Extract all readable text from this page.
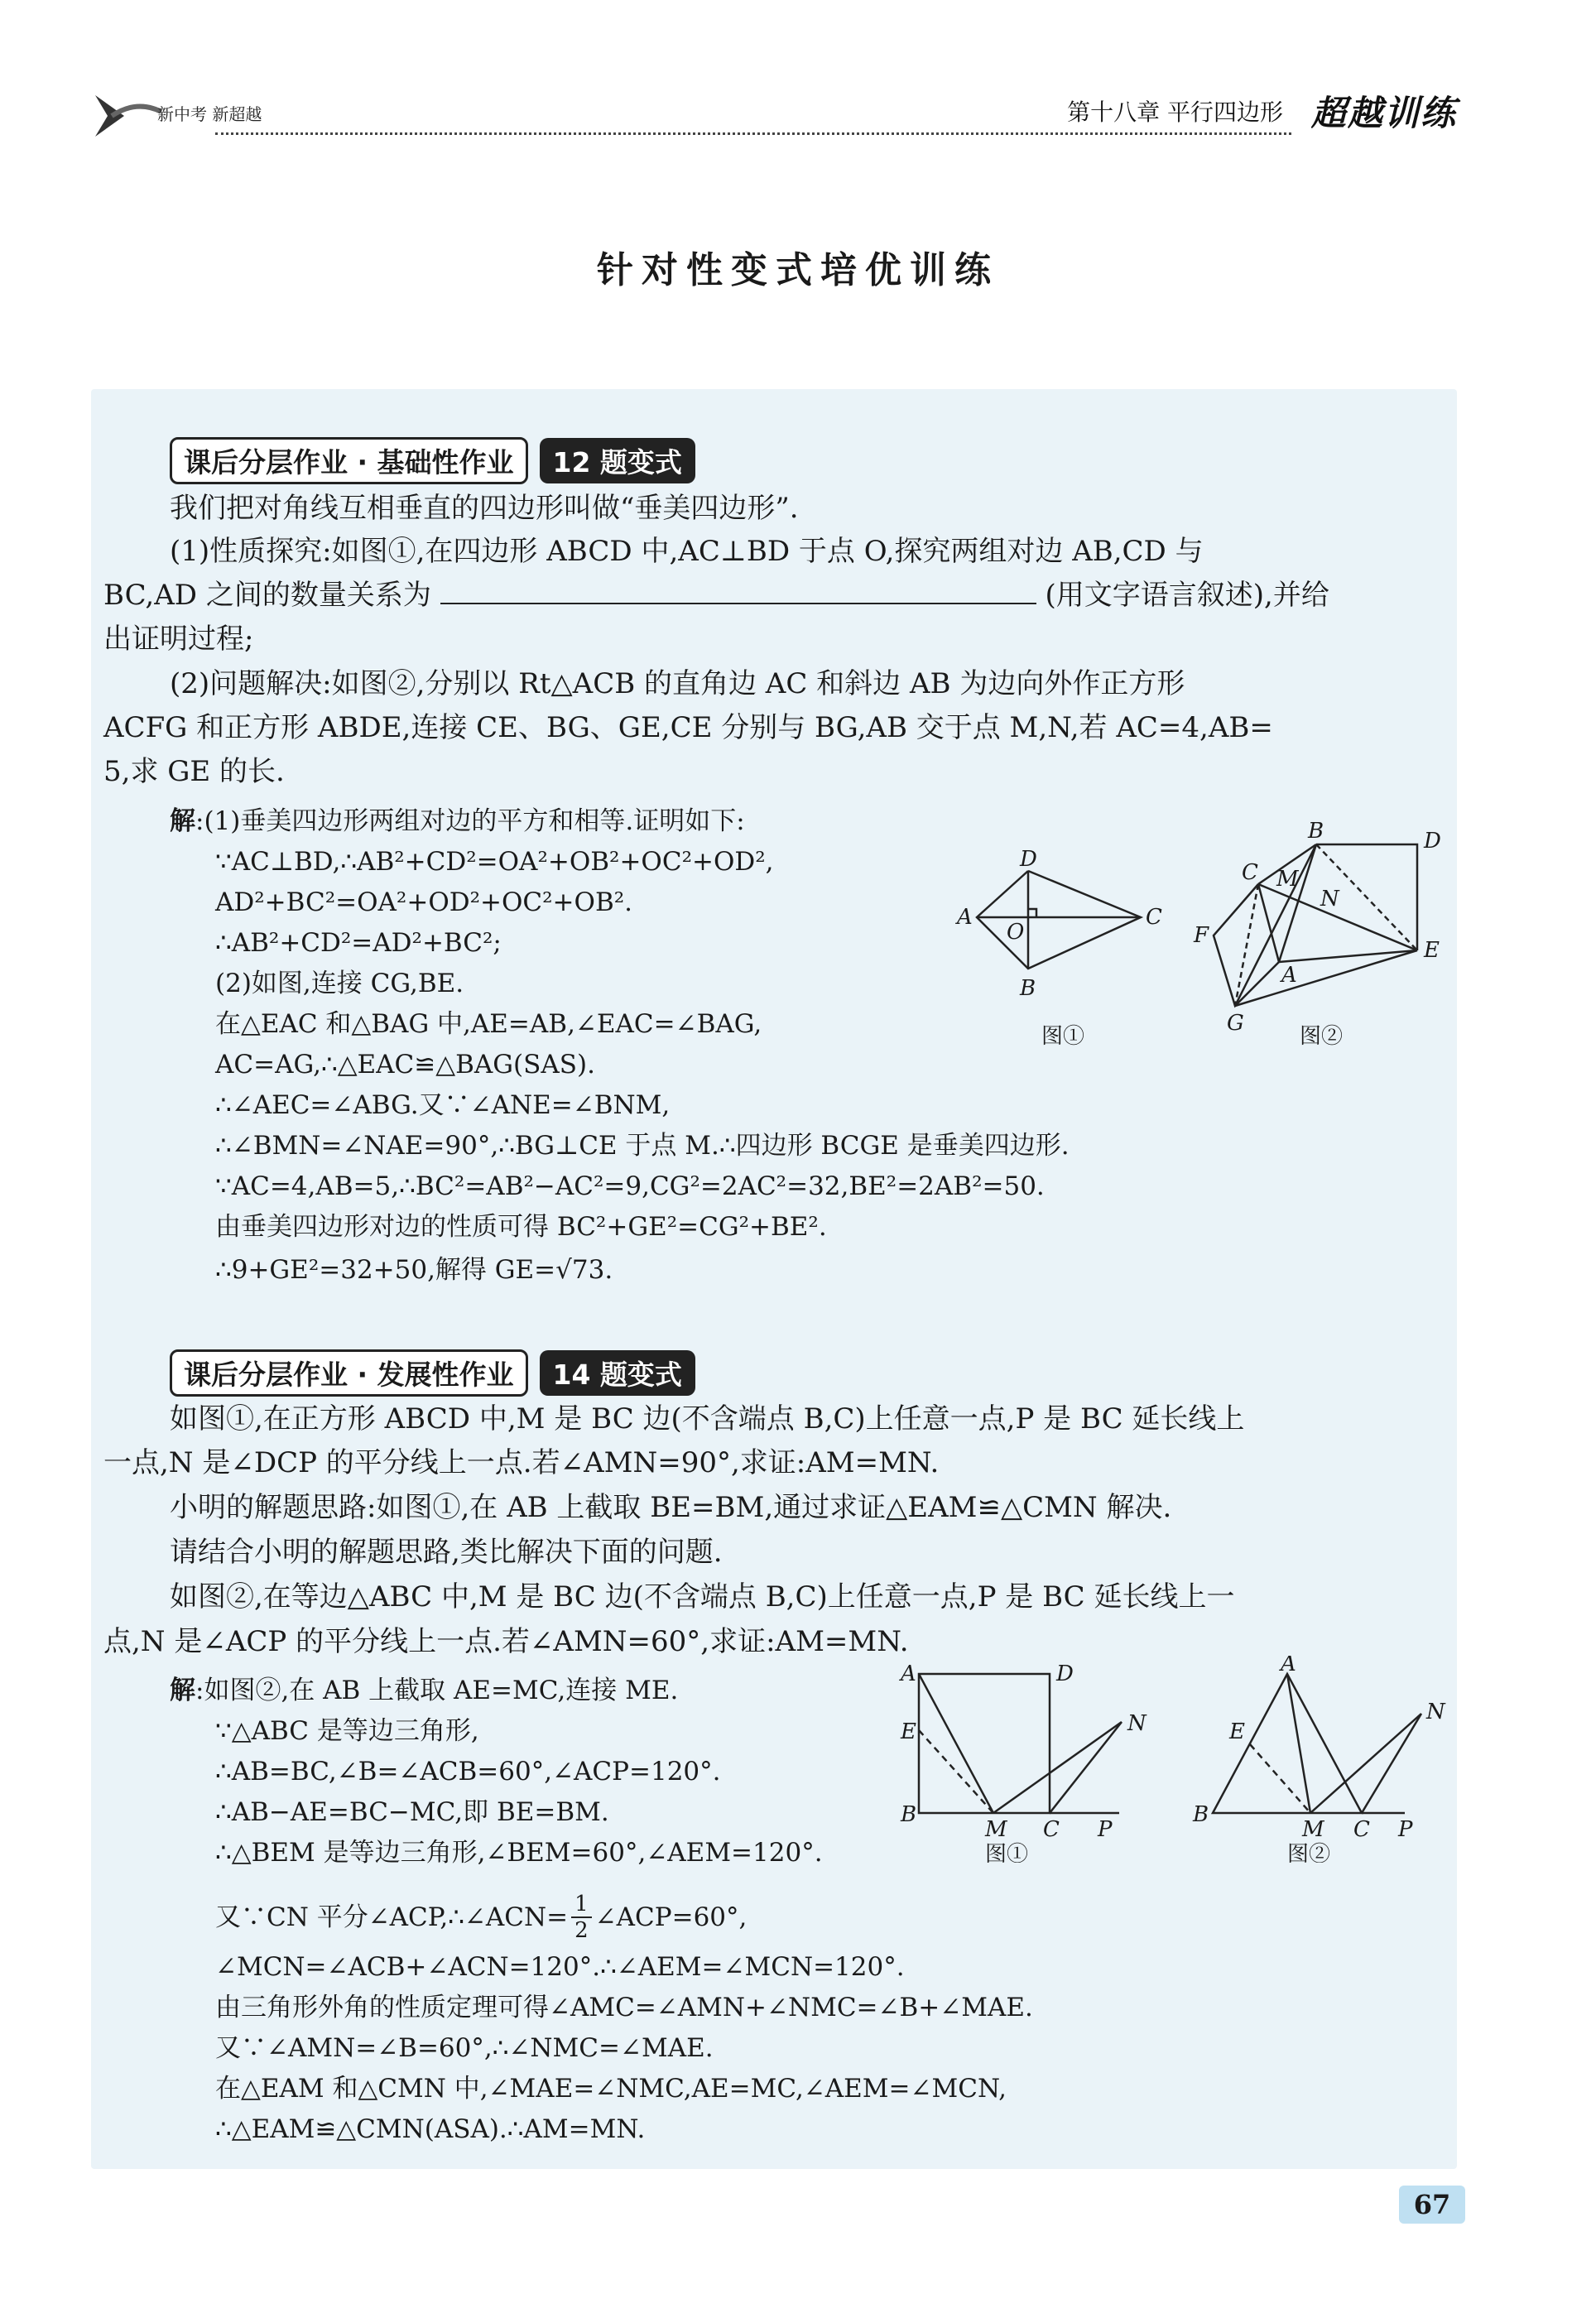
新中考 新超越	第十八章 平行四边形 超越训练
针对性变式培优训练
课后分层作业 · 基础性作业	12 题变式
我们把对角线互相垂直的四边形叫做“垂美四边形”.
(1)性质探究:如图①,在四边形 ABCD 中,AC⊥BD 于点 O,探究两组对边 AB,CD 与
BC,AD 之间的数量关系为	(用文字语言叙述),并给
出证明过程;
(2)问题解决:如图②,分别以 Rt△ACB 的直角边 AC 和斜边 AB 为边向外作正方形
ACFG 和正方形 ABDE,连接 CE、BG、GE,CE 分别与 BG,AB 交于点 M,N,若 AC=4,AB=
5,求 GE 的长.
解:(1)垂美四边形两组对边的平方和相等.证明如下:
∵AC⊥BD,∴AB²+CD²=OA²+OB²+OC²+OD²,
AD²+BC²=OA²+OD²+OC²+OB².
∴AB²+CD²=AD²+BC²;
(2)如图,连接 CG,BE.
在△EAC 和△BAG 中,AE=AB,∠EAC=∠BAG,
AC=AG,∴△EAC≌△BAG(SAS).
∴∠AEC=∠ABG.又∵∠ANE=∠BNM,
∴∠BMN=∠NAE=90°,∴BG⊥CE 于点 M.∴四边形 BCGE 是垂美四边形.
∵AC=4,AB=5,∴BC²=AB²−AC²=9,CG²=2AC²=32,BE²=2AB²=50.
由垂美四边形对边的性质可得 BC²+GE²=CG²+BE².
∴9+GE²=32+50,解得 GE=√73.
D
A
O
C
B
图①
B	D
C M
N
F
A
E
G
图②
课后分层作业 · 发展性作业	14 题变式
如图①,在正方形 ABCD 中,M 是 BC 边(不含端点 B,C)上任意一点,P 是 BC 延长线上
一点,N 是∠DCP 的平分线上一点.若∠AMN=90°,求证:AM=MN.
小明的解题思路:如图①,在 AB 上截取 BE=BM,通过求证△EAM≌△CMN 解决.
请结合小明的解题思路,类比解决下面的问题.
如图②,在等边△ABC 中,M 是 BC 边(不含端点 B,C)上任意一点,P 是 BC 延长线上一
点,N 是∠ACP 的平分线上一点.若∠AMN=60°,求证:AM=MN.
解:如图②,在 AB 上截取 AE=MC,连接 ME.
∵△ABC 是等边三角形,
∴AB=BC,∠B=∠ACB=60°,∠ACP=120°.
∴AB−AE=BC−MC,即 BE=BM.
∴△BEM 是等边三角形,∠BEM=60°,∠AEM=120°.
又∵CN 平分∠ACP,∴∠ACN= $\frac{1}{2}$ ∠ACP=60°,
∠MCN=∠ACB+∠ACN=120°.∴∠AEM=∠MCN=120°.
由三角形外角的性质定理可得∠AMC=∠AMN+∠NMC=∠B+∠MAE.
又∵∠AMN=∠B=60°,∴∠NMC=∠MAE.
在△EAM 和△CMN 中,∠MAE=∠NMC,AE=MC,∠AEM=∠MCN,
∴△EAM≌△CMN(ASA).∴AM=MN.
A	D
E	N
B
M C P
图①
A
E
N
B
M C P
图②
67
